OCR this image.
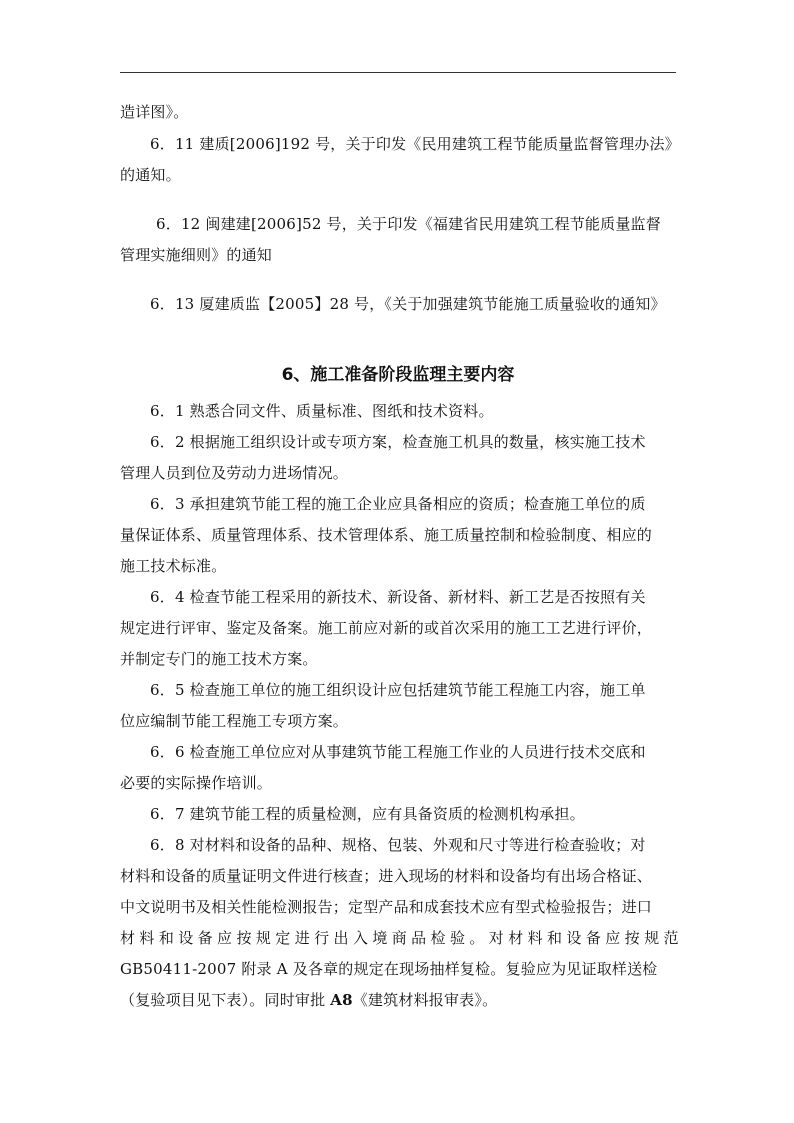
造详图》。
6．11 建质[2006]192 号，关于印发《民用建筑工程节能质量监督管理办法》
的通知。
6．12 闽建建[2006]52 号，关于印发《福建省民用建筑工程节能质量监督
管理实施细则》的通知
6．13 厦建质监【2005】28 号，《关于加强建筑节能施工质量验收的通知》
6、施工准备阶段监理主要内容
6．1 熟悉合同文件、质量标准、图纸和技术资料。
6．2 根据施工组织设计或专项方案，检查施工机具的数量，核实施工技术
管理人员到位及劳动力进场情况。
6．3 承担建筑节能工程的施工企业应具备相应的资质；检查施工单位的质
量保证体系、质量管理体系、技术管理体系、施工质量控制和检验制度、相应的
施工技术标准。
6．4 检查节能工程采用的新技术、新设备、新材料、新工艺是否按照有关
规定进行评审、鉴定及备案。施工前应对新的或首次采用的施工工艺进行评价，
并制定专门的施工技术方案。
6．5 检查施工单位的施工组织设计应包括建筑节能工程施工内容，施工单
位应编制节能工程施工专项方案。
6．6 检查施工单位应对从事建筑节能工程施工作业的人员进行技术交底和
必要的实际操作培训。
6．7 建筑节能工程的质量检测，应有具备资质的检测机构承担。
6．8 对材料和设备的品种、规格、包装、外观和尺寸等进行检查验收；对
材料和设备的质量证明文件进行核查；进入现场的材料和设备均有出场合格证、
中文说明书及相关性能检测报告；定型产品和成套技术应有型式检验报告；进口
材料和设备应按规定进行出入境商品检验。对材料和设备应按规范
GB50411-2007 附录 A 及各章的规定在现场抽样复检。复验应为见证取样送检
（复验项目见下表）。同时审批 A8《建筑材料报审表》。
